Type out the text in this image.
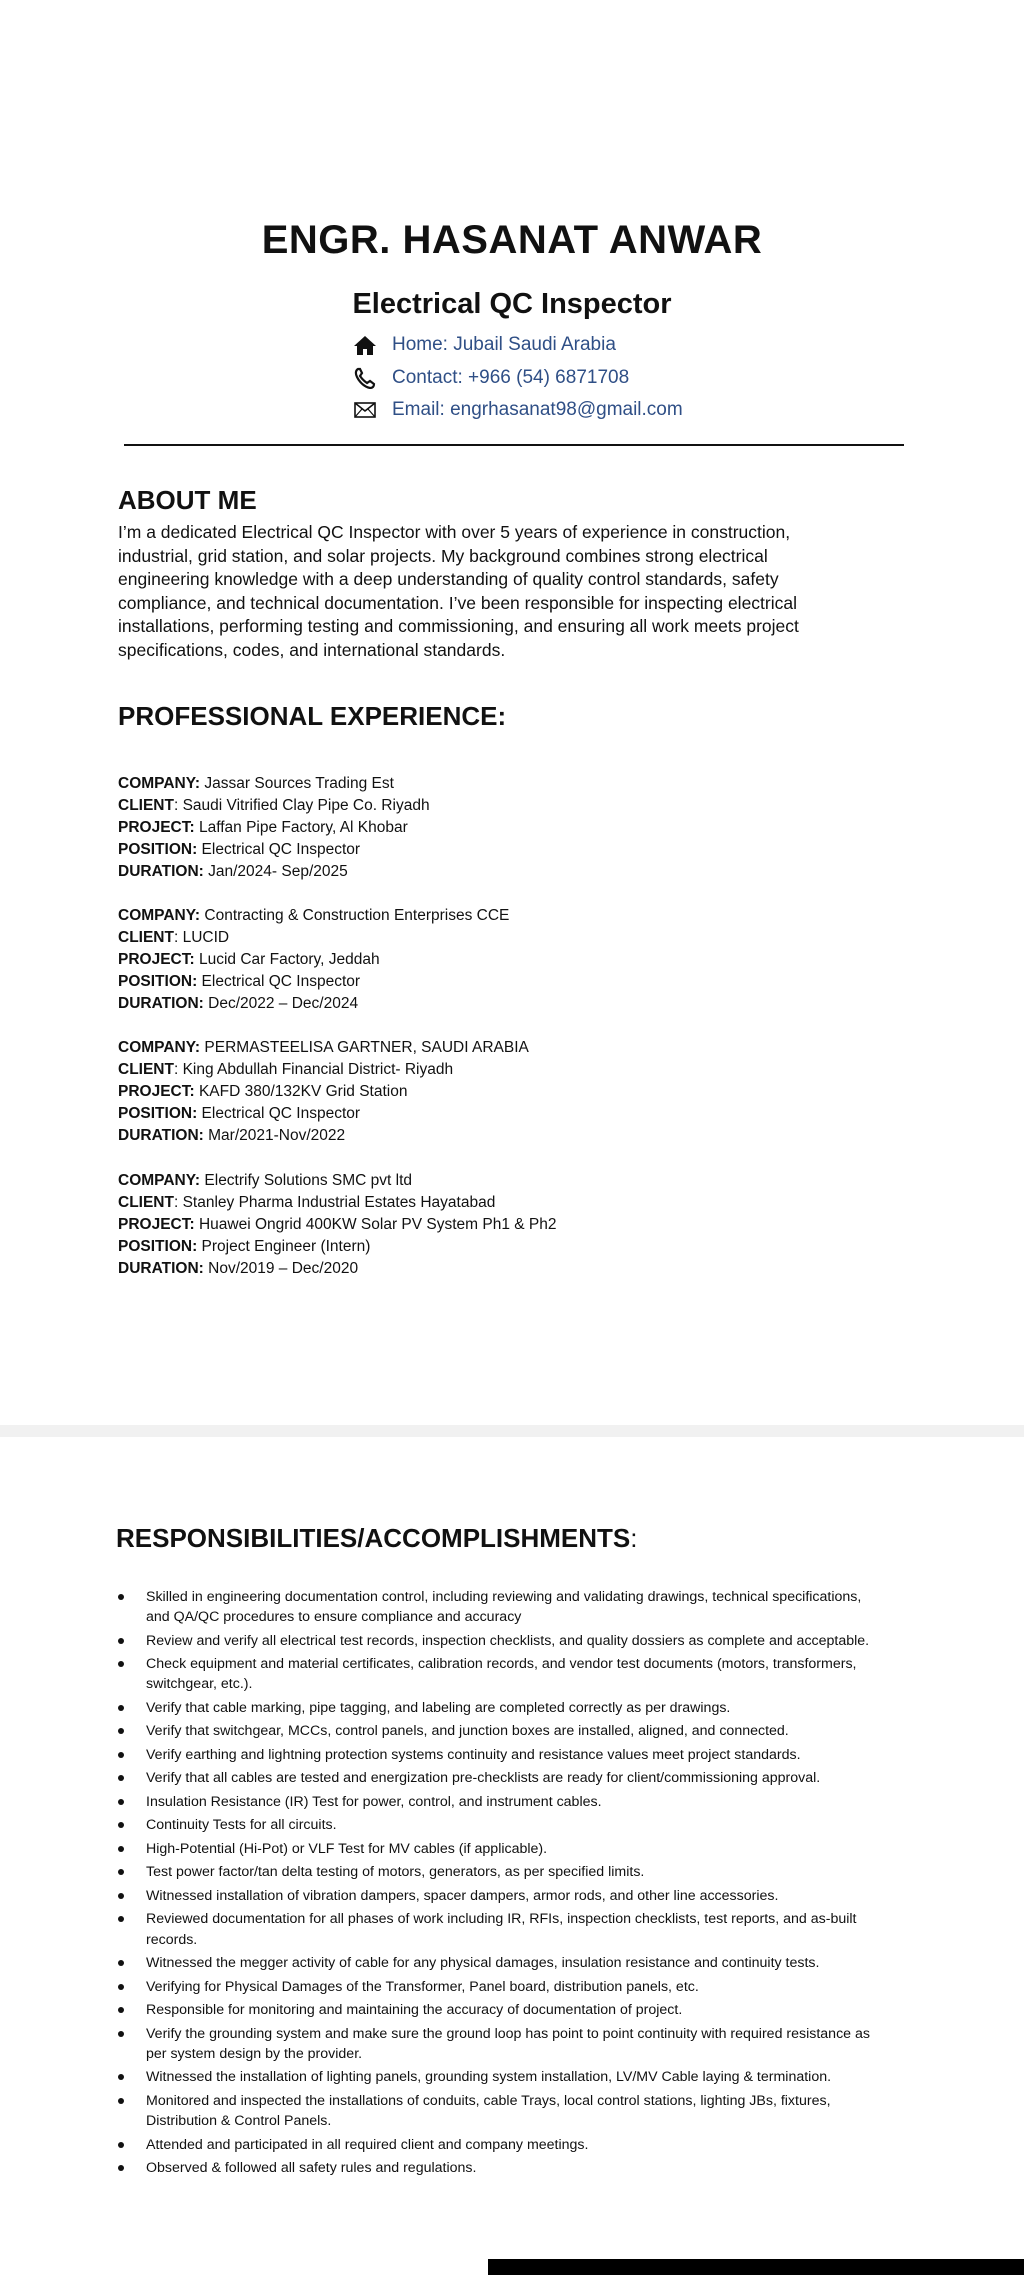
ENGR. HASANAT ANWAR
Electrical QC Inspector
Home: Jubail Saudi Arabia
Contact: +966 (54) 6871708
Email: engrhasanat98@gmail.com
ABOUT ME

I’m a dedicated Electrical QC Inspector with over 5 years of experience in construction, industrial, grid station, and solar projects. My background combines strong electrical engineering knowledge with a deep understanding of quality control standards, safety compliance, and technical documentation. I’ve been responsible for inspecting electrical installations, performing testing and commissioning, and ensuring all work meets project specifications, codes, and international standards.

PROFESSIONAL EXPERIENCE:
COMPANY: Jassar Sources Trading Est
CLIENT: Saudi Vitrified Clay Pipe Co. Riyadh
PROJECT: Laffan Pipe Factory, Al Khobar
POSITION: Electrical QC Inspector
DURATION: Jan/2024- Sep/2025
COMPANY: Contracting & Construction Enterprises CCE
CLIENT: LUCID
PROJECT: Lucid Car Factory, Jeddah
POSITION: Electrical QC Inspector
DURATION: Dec/2022 – Dec/2024
COMPANY: PERMASTEELISA GARTNER, SAUDI ARABIA
CLIENT: King Abdullah Financial District- Riyadh
PROJECT: KAFD 380/132KV Grid Station
POSITION: Electrical QC Inspector
DURATION: Mar/2021-Nov/2022
COMPANY: Electrify Solutions SMC pvt ltd
CLIENT: Stanley Pharma Industrial Estates Hayatabad
PROJECT: Huawei Ongrid 400KW Solar PV System Ph1 & Ph2
POSITION: Project Engineer (Intern)
DURATION: Nov/2019 – Dec/2020
RESPONSIBILITIES/ACCOMPLISHMENTS:
Skilled in engineering documentation control, including reviewing and validating drawings, technical specifications, and QA/QC procedures to ensure compliance and accuracy
Review and verify all electrical test records, inspection checklists, and quality dossiers as complete and acceptable.
Check equipment and material certificates, calibration records, and vendor test documents (motors, transformers, switchgear, etc.).
Verify that cable marking, pipe tagging, and labeling are completed correctly as per drawings.
Verify that switchgear, MCCs, control panels, and junction boxes are installed, aligned, and connected.
Verify earthing and lightning protection systems continuity and resistance values meet project standards.
Verify that all cables are tested and energization pre-checklists are ready for client/commissioning approval.
Insulation Resistance (IR) Test for power, control, and instrument cables.
Continuity Tests for all circuits.
High-Potential (Hi-Pot) or VLF Test for MV cables (if applicable).
Test power factor/tan delta testing of motors, generators, as per specified limits.
Witnessed installation of vibration dampers, spacer dampers, armor rods, and other line accessories.
Reviewed documentation for all phases of work including IR, RFIs, inspection checklists, test reports, and as-built records.
Witnessed the megger activity of cable for any physical damages, insulation resistance and continuity tests.
Verifying for Physical Damages of the Transformer, Panel board, distribution panels, etc.
Responsible for monitoring and maintaining the accuracy of documentation of project.
Verify the grounding system and make sure the ground loop has point to point continuity with required resistance as per system design by the provider.
Witnessed the installation of lighting panels, grounding system installation, LV/MV Cable laying & termination.
Monitored and inspected the installations of conduits, cable Trays, local control stations, lighting JBs, fixtures, Distribution & Control Panels.
Attended and participated in all required client and company meetings.
Observed & followed all safety rules and regulations.
